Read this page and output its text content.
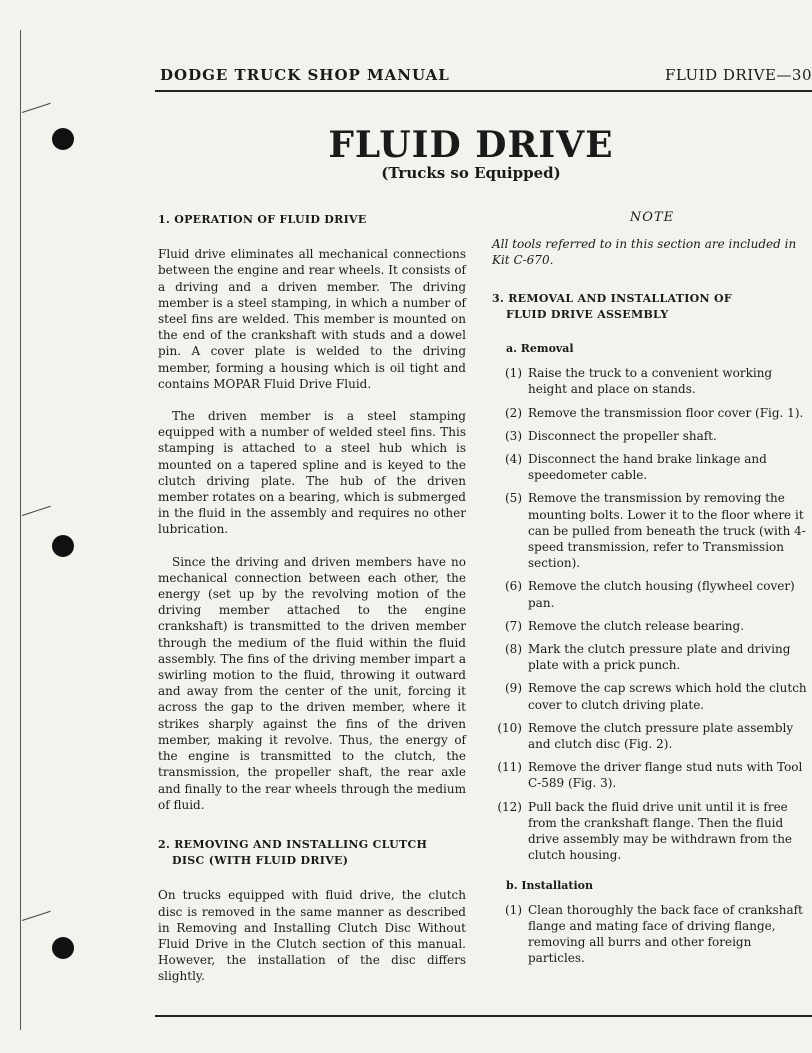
DODGE TRUCK SHOP MANUAL	FLUID DRIVE—30
FLUID DRIVE
(Trucks so Equipped)
1. OPERATION OF FLUID DRIVE

Fluid drive eliminates all mechanical connections between the engine and rear wheels. It consists of a driving and a driven member. The driving member is a steel stamping, in which a number of steel fins are welded. This member is mounted on the end of the crankshaft with studs and a dowel pin. A cover plate is welded to the driving member, forming a housing which is oil tight and contains MOPAR Fluid Drive Fluid.

The driven member is a steel stamping equipped with a number of welded steel fins. This stamping is attached to a steel hub which is mounted on a tapered spline and is keyed to the clutch driving plate. The hub of the driven member rotates on a bearing, which is submerged in the fluid in the assembly and requires no other lubrication.

Since the driving and driven members have no mechanical connection between each other, the energy (set up by the revolving motion of the driving member attached to the engine crankshaft) is transmitted to the driven member through the medium of the fluid within the fluid assembly. The fins of the driving member impart a swirling motion to the fluid, throwing it outward and away from the center of the unit, forcing it across the gap to the driven member, where it strikes sharply against the fins of the driven member, making it revolve. Thus, the energy of the engine is transmitted to the clutch, the transmission, the propeller shaft, the rear axle and finally to the rear wheels through the medium of fluid.

2. REMOVING AND INSTALLING CLUTCH
DISC (WITH FLUID DRIVE)

On trucks equipped with fluid drive, the clutch disc is removed in the same manner as described in Removing and Installing Clutch Disc Without Fluid Drive in the Clutch section of this manual. However, the installation of the disc differs slightly.

NOTE
All tools referred to in this section are included in Kit C-670.
3. REMOVAL AND INSTALLATION OF
FLUID DRIVE ASSEMBLY
a. Removal
(1) Raise the truck to a convenient working height and place on stands.
(2) Remove the transmission floor cover (Fig. 1).
(3) Disconnect the propeller shaft.
(4) Disconnect the hand brake linkage and speedometer cable.
(5) Remove the transmission by removing the mounting bolts. Lower it to the floor where it can be pulled from beneath the truck (with 4-speed transmission, refer to Transmission section).
(6) Remove the clutch housing (flywheel cover) pan.
(7) Remove the clutch release bearing.
(8) Mark the clutch pressure plate and driving plate with a prick punch.
(9) Remove the cap screws which hold the clutch cover to clutch driving plate.
(10) Remove the clutch pressure plate assembly and clutch disc (Fig. 2).
(11) Remove the driver flange stud nuts with Tool C-589 (Fig. 3).
(12) Pull back the fluid drive unit until it is free from the crankshaft flange. Then the fluid drive assembly may be withdrawn from the clutch housing.
b. Installation
(1) Clean thoroughly the back face of crankshaft flange and mating face of driving flange, removing all burrs and other foreign particles.
